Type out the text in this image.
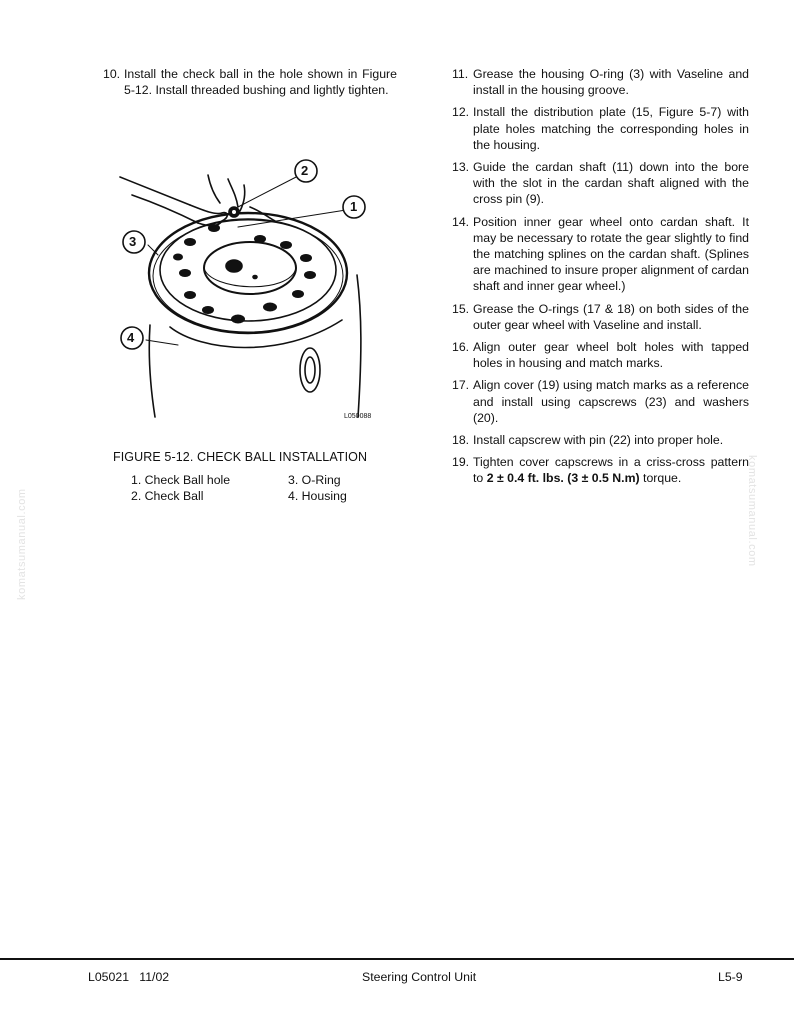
10. Install the check ball in the hole shown in Figure 5-12. Install threaded bushing and lightly tighten.
2
1
3
4
L050088
FIGURE 5-12. CHECK BALL INSTALLATION
1. Check Ball hole	3. O-Ring
2. Check Ball	4. Housing
11. Grease the housing O-ring (3) with Vaseline and install in the housing groove.
12. Install the distribution plate (15, Figure 5-7) with plate holes matching the corresponding holes in the housing.
13. Guide the cardan shaft (11) down into the bore with the slot in the cardan shaft aligned with the cross pin (9).
14. Position inner gear wheel onto cardan shaft. It may be necessary to rotate the gear slightly to find the matching splines on the cardan shaft. (Splines are machined to insure proper alignment of cardan shaft and inner gear wheel.)
15. Grease the O-rings (17 & 18) on both sides of the outer gear wheel with Vaseline and install.
16. Align outer gear wheel bolt holes with tapped holes in housing and match marks.
17. Align cover (19) using match marks as a reference and install using capscrews (23) and washers (20).
18. Install capscrew with pin (22) into proper hole.
19. Tighten cover capscrews in a criss-cross pattern to 2 ± 0.4 ft. lbs. (3 ± 0.5 N.m) torque.
komatsumanual.com	komatsumanual.com
L05021   11/02	Steering Control Unit	L5-9
